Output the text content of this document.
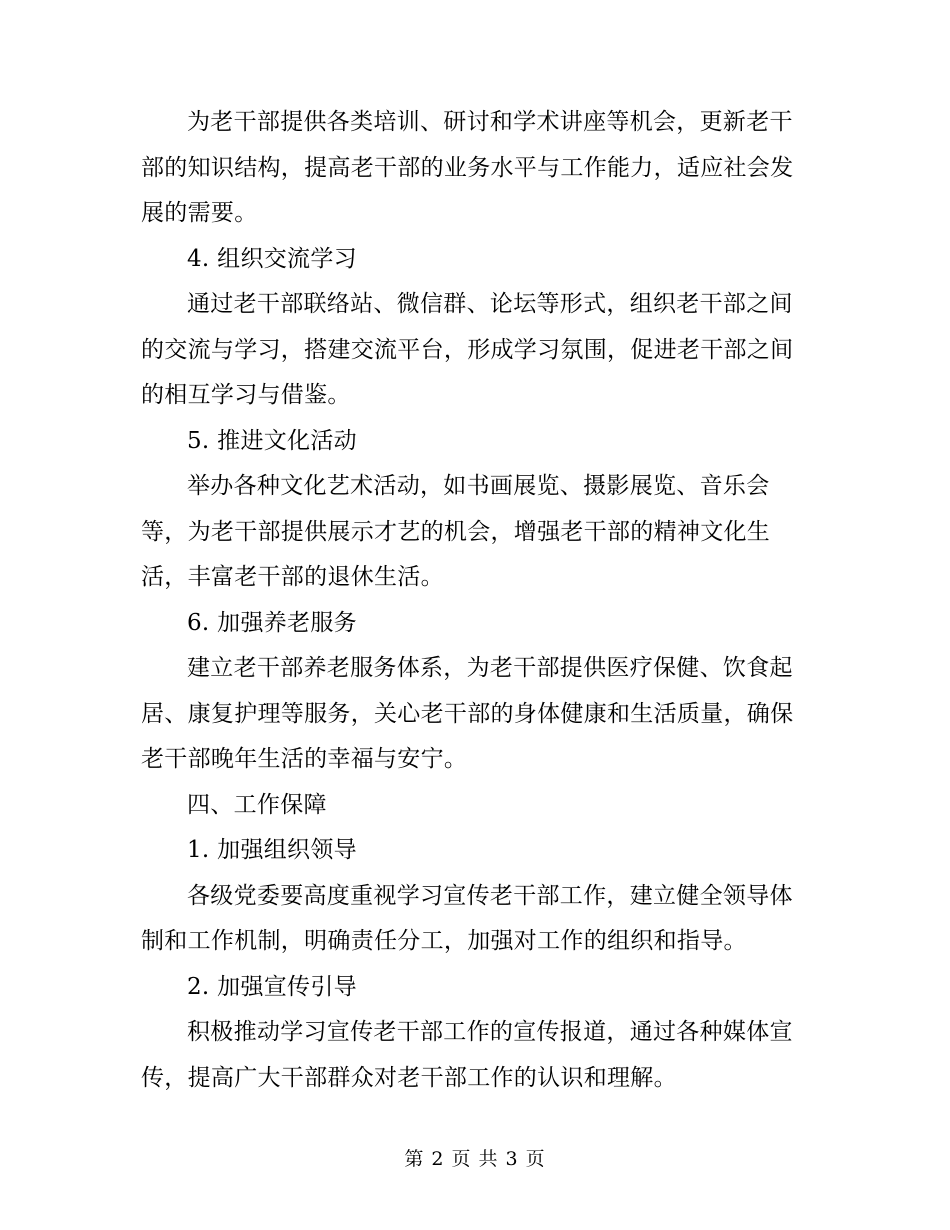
为老干部提供各类培训、研讨和学术讲座等机会，更新老干部的知识结构，提高老干部的业务水平与工作能力，适应社会发展的需要。

4. 组织交流学习

通过老干部联络站、微信群、论坛等形式，组织老干部之间的交流与学习，搭建交流平台，形成学习氛围，促进老干部之间的相互学习与借鉴。

5. 推进文化活动

举办各种文化艺术活动，如书画展览、摄影展览、音乐会等，为老干部提供展示才艺的机会，增强老干部的精神文化生活，丰富老干部的退休生活。

6. 加强养老服务

建立老干部养老服务体系，为老干部提供医疗保健、饮食起居、康复护理等服务，关心老干部的身体健康和生活质量，确保老干部晚年生活的幸福与安宁。

四、工作保障

1. 加强组织领导

各级党委要高度重视学习宣传老干部工作，建立健全领导体制和工作机制，明确责任分工，加强对工作的组织和指导。

2. 加强宣传引导

积极推动学习宣传老干部工作的宣传报道，通过各种媒体宣传，提高广大干部群众对老干部工作的认识和理解。

第 2 页 共 3 页
